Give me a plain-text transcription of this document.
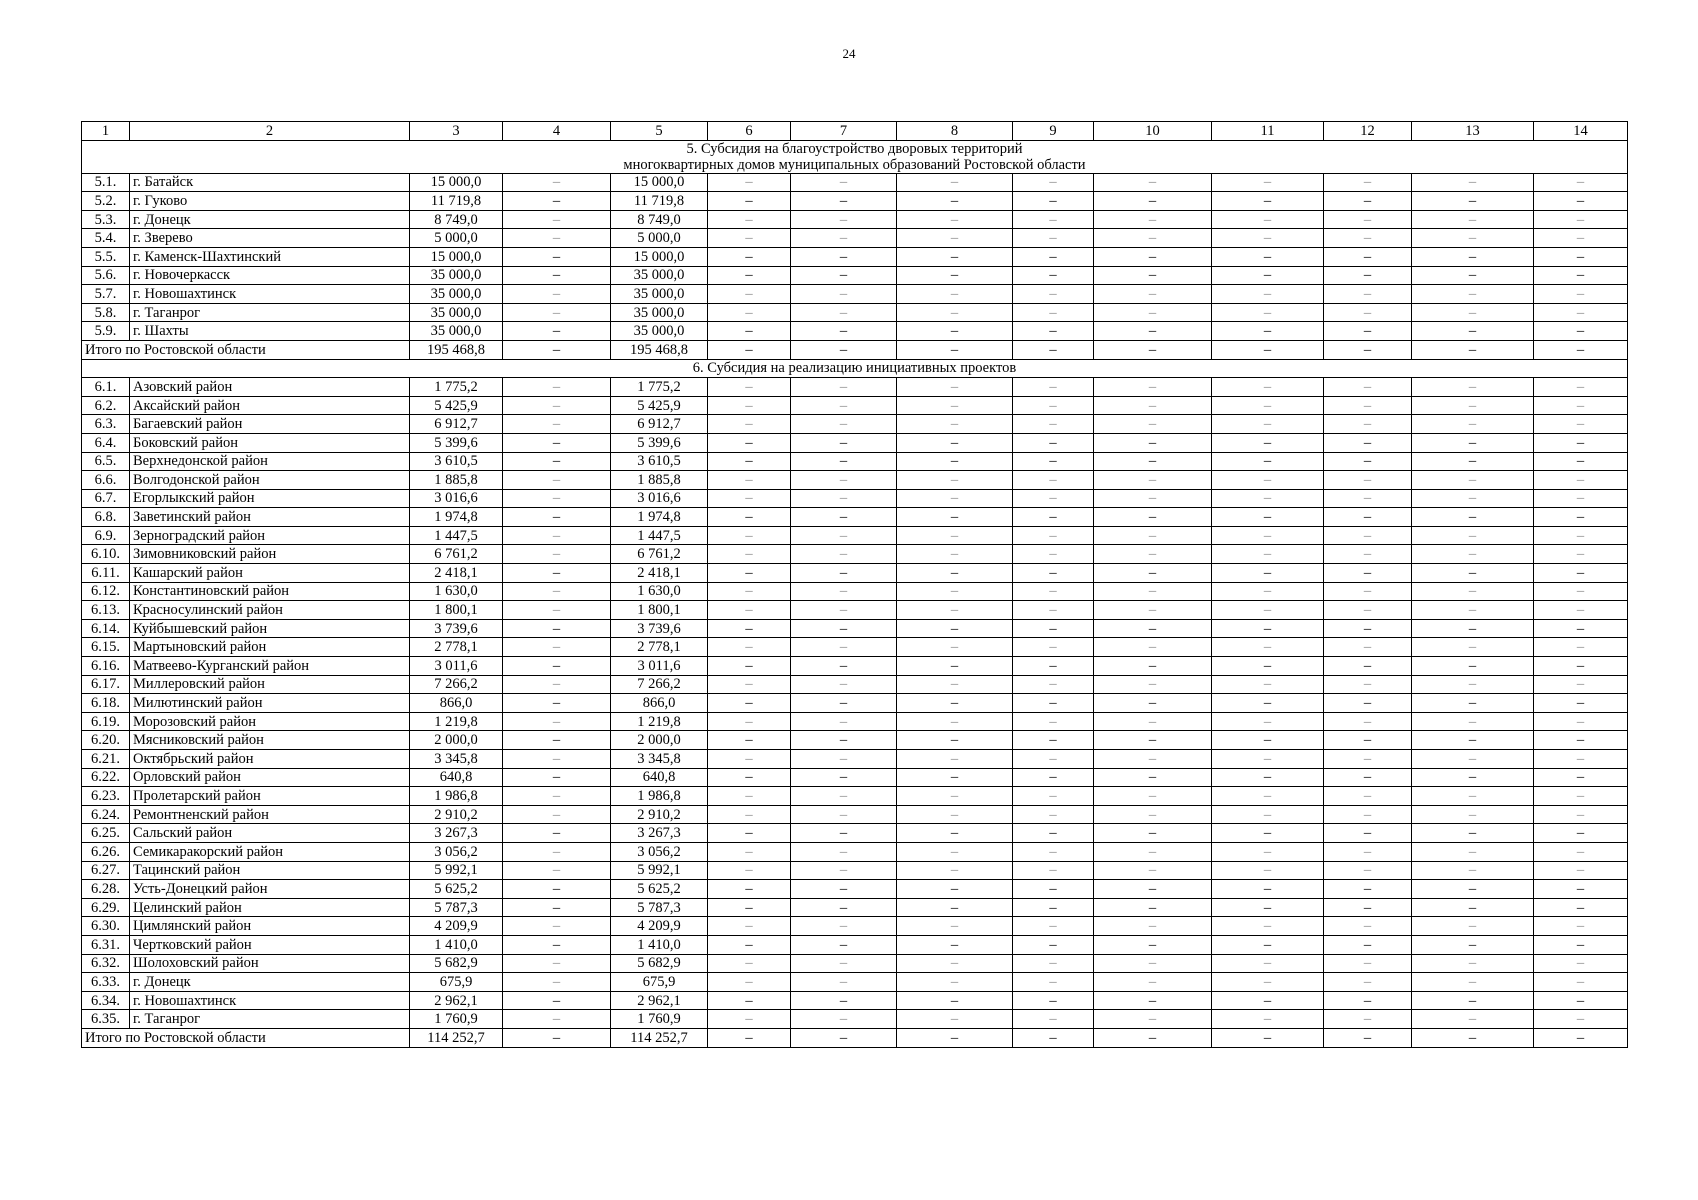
24
1	2	3	4	5	6	7	8	9	10	11	12	13	14

5. Субсидия на благоустройство дворовых территорий
многоквартирных домов муниципальных образований Ростовской области													

5.1.	г. Батайск	15 000,0	–	15 000,0	–	–	–	–	–	–	–	–	–
5.2.	г. Гуково	11 719,8	–	11 719,8	–	–	–	–	–	–	–	–	–
5.3.	г. Донецк	8 749,0	–	8 749,0	–	–	–	–	–	–	–	–	–
5.4.	г. Зверево	5 000,0	–	5 000,0	–	–	–	–	–	–	–	–	–
5.5.	г. Каменск-Шахтинский	15 000,0	–	15 000,0	–	–	–	–	–	–	–	–	–
5.6.	г. Новочеркасск	35 000,0	–	35 000,0	–	–	–	–	–	–	–	–	–
5.7.	г. Новошахтинск	35 000,0	–	35 000,0	–	–	–	–	–	–	–	–	–
5.8.	г. Таганрог	35 000,0	–	35 000,0	–	–	–	–	–	–	–	–	–
5.9.	г. Шахты	35 000,0	–	35 000,0	–	–	–	–	–	–	–	–	–
Итого по Ростовской области		195 468,8	–	195 468,8	–	–	–	–	–	–	–	–	–

6. Субсидия на реализацию инициативных проектов													

6.1.	Азовский район	1 775,2	–	1 775,2	–	–	–	–	–	–	–	–	–
6.2.	Аксайский район	5 425,9	–	5 425,9	–	–	–	–	–	–	–	–	–
6.3.	Багаевский район	6 912,7	–	6 912,7	–	–	–	–	–	–	–	–	–
6.4.	Боковский район	5 399,6	–	5 399,6	–	–	–	–	–	–	–	–	–
6.5.	Верхнедонской район	3 610,5	–	3 610,5	–	–	–	–	–	–	–	–	–
6.6.	Волгодонской район	1 885,8	–	1 885,8	–	–	–	–	–	–	–	–	–
6.7.	Егорлыкский район	3 016,6	–	3 016,6	–	–	–	–	–	–	–	–	–
6.8.	Заветинский район	1 974,8	–	1 974,8	–	–	–	–	–	–	–	–	–
6.9.	Зерноградский район	1 447,5	–	1 447,5	–	–	–	–	–	–	–	–	–
6.10.	Зимовниковский район	6 761,2	–	6 761,2	–	–	–	–	–	–	–	–	–
6.11.	Кашарский район	2 418,1	–	2 418,1	–	–	–	–	–	–	–	–	–
6.12.	Константиновский район	1 630,0	–	1 630,0	–	–	–	–	–	–	–	–	–
6.13.	Красносулинский район	1 800,1	–	1 800,1	–	–	–	–	–	–	–	–	–
6.14.	Куйбышевский район	3 739,6	–	3 739,6	–	–	–	–	–	–	–	–	–
6.15.	Мартыновский район	2 778,1	–	2 778,1	–	–	–	–	–	–	–	–	–
6.16.	Матвеево-Курганский район	3 011,6	–	3 011,6	–	–	–	–	–	–	–	–	–
6.17.	Миллеровский район	7 266,2	–	7 266,2	–	–	–	–	–	–	–	–	–
6.18.	Милютинский район	866,0	–	866,0	–	–	–	–	–	–	–	–	–
6.19.	Морозовский район	1 219,8	–	1 219,8	–	–	–	–	–	–	–	–	–
6.20.	Мясниковский район	2 000,0	–	2 000,0	–	–	–	–	–	–	–	–	–
6.21.	Октябрьский район	3 345,8	–	3 345,8	–	–	–	–	–	–	–	–	–
6.22.	Орловский район	640,8	–	640,8	–	–	–	–	–	–	–	–	–
6.23.	Пролетарский район	1 986,8	–	1 986,8	–	–	–	–	–	–	–	–	–
6.24.	Ремонтненский район	2 910,2	–	2 910,2	–	–	–	–	–	–	–	–	–
6.25.	Сальский район	3 267,3	–	3 267,3	–	–	–	–	–	–	–	–	–
6.26.	Семикаракорский район	3 056,2	–	3 056,2	–	–	–	–	–	–	–	–	–
6.27.	Тацинский район	5 992,1	–	5 992,1	–	–	–	–	–	–	–	–	–
6.28.	Усть-Донецкий район	5 625,2	–	5 625,2	–	–	–	–	–	–	–	–	–
6.29.	Целинский район	5 787,3	–	5 787,3	–	–	–	–	–	–	–	–	–
6.30.	Цимлянский район	4 209,9	–	4 209,9	–	–	–	–	–	–	–	–	–
6.31.	Чертковский район	1 410,0	–	1 410,0	–	–	–	–	–	–	–	–	–
6.32.	Шолоховский район	5 682,9	–	5 682,9	–	–	–	–	–	–	–	–	–
6.33.	г. Донецк	675,9	–	675,9	–	–	–	–	–	–	–	–	–
6.34.	г. Новошахтинск	2 962,1	–	2 962,1	–	–	–	–	–	–	–	–	–
6.35.	г. Таганрог	1 760,9	–	1 760,9	–	–	–	–	–	–	–	–	–
Итого по Ростовской области		114 252,7	–	114 252,7	–	–	–	–	–	–	–	–	–
